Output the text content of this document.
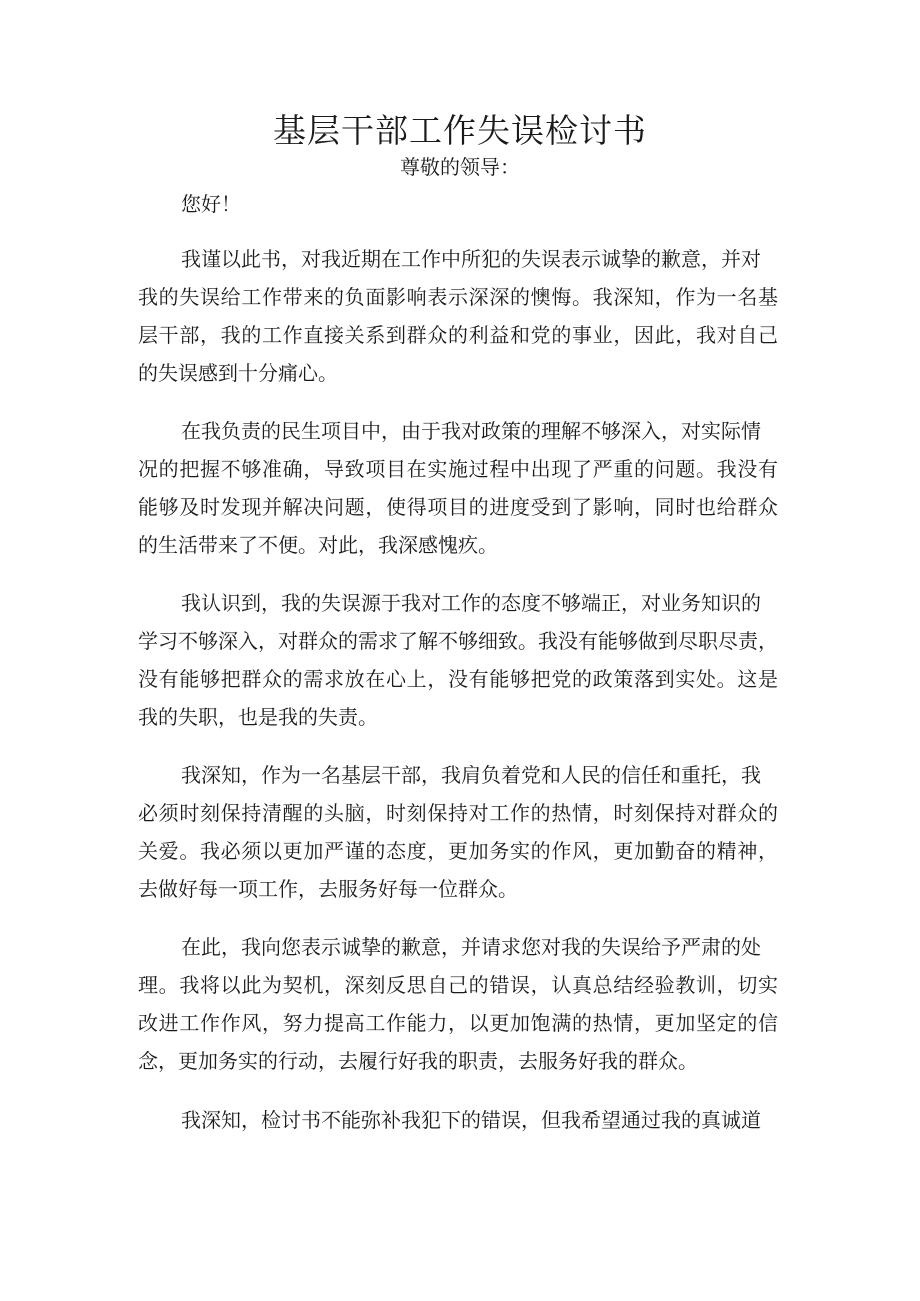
基层干部工作失误检讨书
尊敬的领导：
您好！
我谨以此书，对我近期在工作中所犯的失误表示诚挚的歉意，并对
我的失误给工作带来的负面影响表示深深的懊悔。我深知，作为一名基
层干部，我的工作直接关系到群众的利益和党的事业，因此，我对自己
的失误感到十分痛心。
在我负责的民生项目中，由于我对政策的理解不够深入，对实际情
况的把握不够准确，导致项目在实施过程中出现了严重的问题。我没有
能够及时发现并解决问题，使得项目的进度受到了影响，同时也给群众
的生活带来了不便。对此，我深感愧疚。
我认识到，我的失误源于我对工作的态度不够端正，对业务知识的
学习不够深入，对群众的需求了解不够细致。我没有能够做到尽职尽责，
没有能够把群众的需求放在心上，没有能够把党的政策落到实处。这是
我的失职，也是我的失责。
我深知，作为一名基层干部，我肩负着党和人民的信任和重托，我
必须时刻保持清醒的头脑，时刻保持对工作的热情，时刻保持对群众的
关爱。我必须以更加严谨的态度，更加务实的作风，更加勤奋的精神，
去做好每一项工作，去服务好每一位群众。
在此，我向您表示诚挚的歉意，并请求您对我的失误给予严肃的处
理。我将以此为契机，深刻反思自己的错误，认真总结经验教训，切实
改进工作作风，努力提高工作能力，以更加饱满的热情，更加坚定的信
念，更加务实的行动，去履行好我的职责，去服务好我的群众。
我深知，检讨书不能弥补我犯下的错误，但我希望通过我的真诚道
